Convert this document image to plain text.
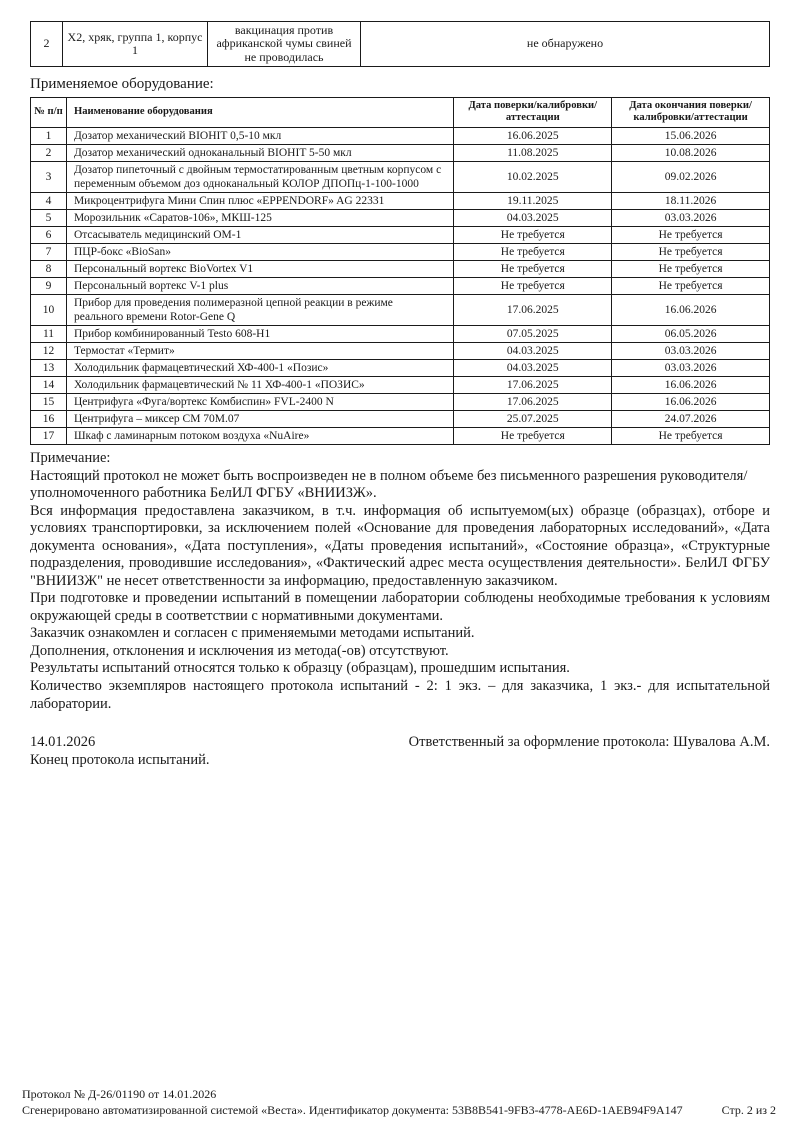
2	Х2, хряк, группа 1, корпус 1	вакцинация против африканской чумы свиней не проводилась	не обнаружено
Применяемое оборудование:
№ п/п	Наименование оборудования	Дата поверки/калибровки/аттестации	Дата окончания поверки/калибровки/аттестации
1	Дозатор механический BIOHIT 0,5-10 мкл	16.06.2025	15.06.2026
2	Дозатор механический одноканальный BIOHIT 5-50 мкл	11.08.2025	10.08.2026
3	Дозатор пипеточный с двойным термостатированным цветным корпусом с переменным объемом доз одноканальный КОЛОР ДПОПц-1-100-1000	10.02.2025	09.02.2026
4	Микроцентрифуга Мини Спин плюс «EPPENDORF» AG 22331	19.11.2025	18.11.2026
5	Морозильник «Саратов-106», МКШ-125	04.03.2025	03.03.2026
6	Отсасыватель медицинский ОМ-1	Не требуется	Не требуется
7	ПЦР-бокс «BioSan»	Не требуется	Не требуется
8	Персональный вортекс BioVortex V1	Не требуется	Не требуется
9	Персональный вортекс V-1 plus	Не требуется	Не требуется
10	Прибор для проведения полимеразной цепной реакции в режиме реального времени Rotor-Gene Q	17.06.2025	16.06.2026
11	Прибор комбинированный Testo 608-H1	07.05.2025	06.05.2026
12	Термостат «Термит»	04.03.2025	03.03.2026
13	Холодильник фармацевтический ХФ-400-1 «Позис»	04.03.2025	03.03.2026
14	Холодильник фармацевтический № 11 ХФ-400-1 «ПОЗИС»	17.06.2025	16.06.2026
15	Центрифуга «Фуга/вортекс Комбиспин» FVL-2400 N	17.06.2025	16.06.2026
16	Центрифуга – миксер СМ 70М.07	25.07.2025	24.07.2026
17	Шкаф с ламинарным потоком воздуха «NuAire»	Не требуется	Не требуется

Примечание:

Настоящий протокол не может быть воспроизведен не в полном объеме без письменного разрешения руководителя/уполномоченного работника БелИЛ ФГБУ «ВНИИЗЖ».

Вся информация предоставлена заказчиком, в т.ч. информация об испытуемом(ых) образце (образцах), отборе и условиях транспортировки, за исключением полей «Основание для проведения лабораторных исследований», «Дата документа основания», «Дата поступления», «Даты проведения испытаний», «Состояние образца», «Структурные подразделения, проводившие исследования», «Фактический адрес места осуществления деятельности». БелИЛ ФГБУ "ВНИИЗЖ" не несет ответственности за информацию, предоставленную заказчиком.

При подготовке и проведении испытаний в помещении лаборатории соблюдены необходимые требования к условиям окружающей среды в соответствии с нормативными документами.

Заказчик ознакомлен и согласен с применяемыми методами испытаний.

Дополнения, отклонения и исключения из метода(-ов) отсутствуют.

Результаты испытаний относятся только к образцу (образцам), прошедшим испытания.

Количество экземпляров настоящего протокола испытаний - 2: 1 экз. – для заказчика, 1 экз.- для испытательной лаборатории.

14.01.2026	Ответственный за оформление протокола: Шувалова А.М.
Конец протокола испытаний.
Протокол № Д-26/01190 от 14.01.2026
Сгенерировано автоматизированной системой «Веста». Идентификатор документа: 53B8B541-9FB3-4778-AE6D-1AEB94F9A147	Стр. 2 из 2
